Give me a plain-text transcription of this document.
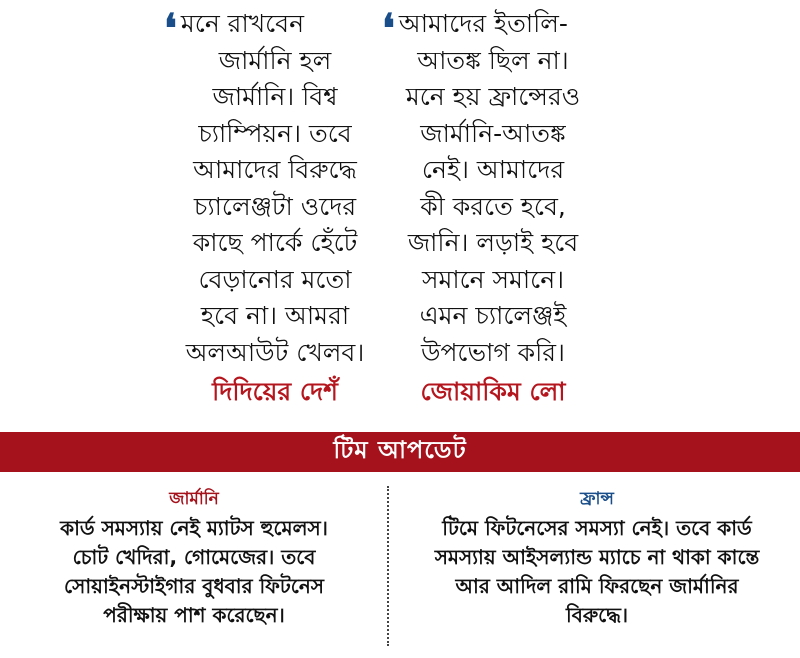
❛ মনে রাখবেন
জার্মানি হল
জার্মানি। বিশ্ব
চ্যাম্পিয়ন। তবে
আমাদের বিরুদ্ধে
চ্যালেঞ্জটা ওদের
কাছে পার্কে হেঁটে
বেড়ানোর মতো
হবে না। আমরা
অলআউট খেলব।
দিদিয়ের দেশঁ
❛ আমাদের ইতালি-
আতঙ্ক ছিল না।
মনে হয় ফ্রান্সেরও
জার্মানি-আতঙ্ক
নেই। আমাদের
কী করতে হবে,
জানি। লড়াই হবে
সমানে সমানে।
এমন চ্যালেঞ্জই
উপভোগ করি।
জোয়াকিম লো
টিম আপডেট
জার্মানি
কার্ড সমস্যায় নেই ম্যাটস হুমেলস।
চোট খেদিরা, গোমেজের। তবে
সোয়াইনস্টাইগার বুধবার ফিটনেস
পরীক্ষায় পাশ করেছেন।
ফ্রান্স
টিমে ফিটনেসের সমস্যা নেই। তবে কার্ড
সমস্যায় আইসল্যান্ড ম্যাচে না থাকা কান্তে
আর আদিল রামি ফিরছেন জার্মানির
বিরুদ্ধে।
